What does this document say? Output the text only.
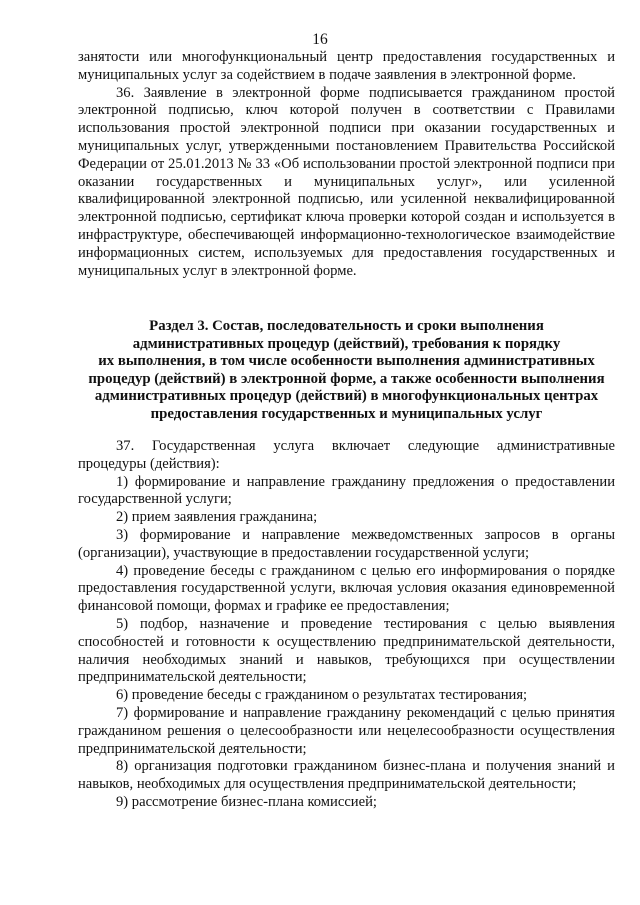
16

занятости или многофункциональный центр предоставления государственных и муниципальных услуг за содействием в подаче заявления в электронной форме.

36. Заявление в электронной форме подписывается гражданином простой электронной подписью, ключ которой получен в соответствии с Правилами использования простой электронной подписи при оказании государственных и муниципальных услуг, утвержденными постановлением Правительства Российской Федерации от 25.01.2013 № 33 «Об использовании простой электронной подписи при оказании государственных и муниципальных услуг», или усиленной квалифицированной электронной подписью, или усиленной неквалифицированной электронной подписью, сертификат ключа проверки которой создан и используется в инфраструктуре, обеспечивающей информационно-технологическое взаимодействие информационных систем, используемых для предоставления государственных и муниципальных услуг в электронной форме.

Раздел 3. Состав, последовательность и сроки выполнения
административных процедур (действий), требования к порядку
их выполнения, в том числе особенности выполнения административных
процедур (действий) в электронной форме, а также особенности выполнения
административных процедур (действий) в многофункциональных центрах
предоставления государственных и муниципальных услуг

37. Государственная услуга включает следующие административные процедуры (действия):

1) формирование и направление гражданину предложения о предоставлении государственной услуги;

2) прием заявления гражданина;

3) формирование и направление межведомственных запросов в органы (организации), участвующие в предоставлении государственной услуги;

4) проведение беседы с гражданином с целью его информирования о порядке предоставления государственной услуги, включая условия оказания единовременной финансовой помощи, формах и графике ее предоставления;

5) подбор, назначение и проведение тестирования с целью выявления способностей и готовности к осуществлению предпринимательской деятельности, наличия необходимых знаний и навыков, требующихся при осуществлении предпринимательской деятельности;

6) проведение беседы с гражданином о результатах тестирования;

7) формирование и направление гражданину рекомендаций с целью принятия гражданином решения о целесообразности или нецелесообразности осуществления предпринимательской деятельности;

8) организация подготовки гражданином бизнес-плана и получения знаний и навыков, необходимых для осуществления предпринимательской деятельности;

9) рассмотрение бизнес-плана комиссией;
